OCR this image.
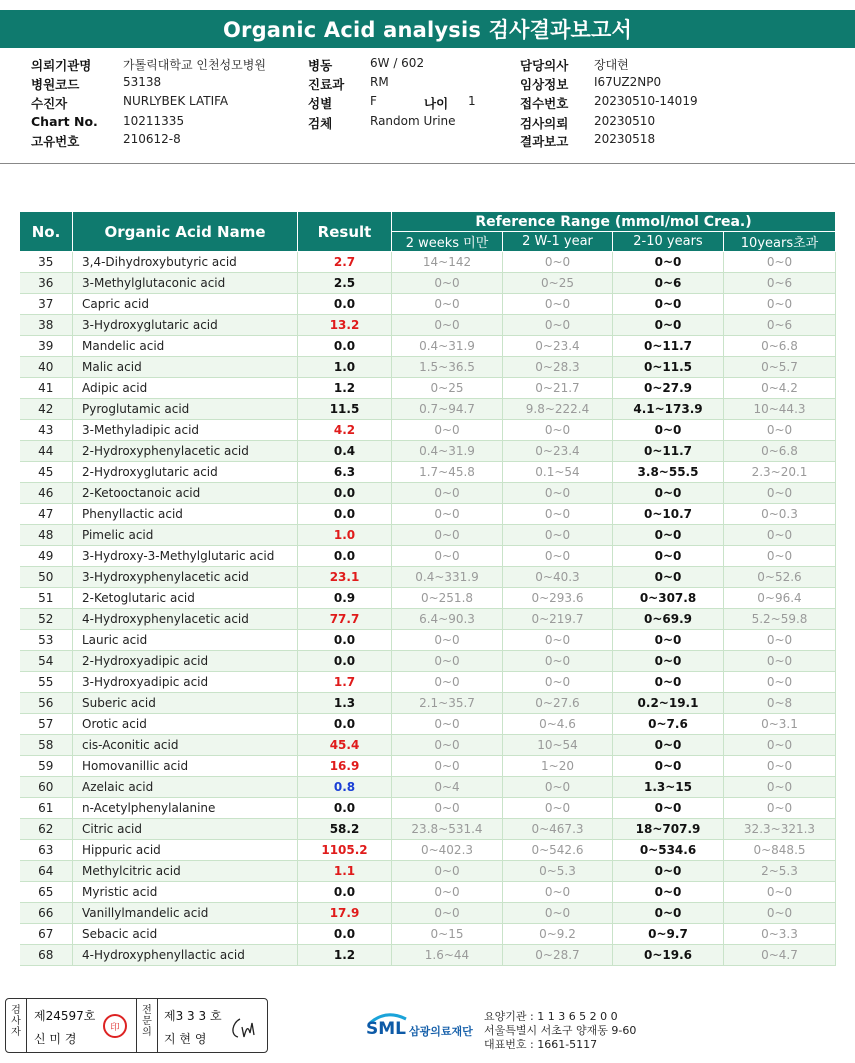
Organic Acid analysis 검사결과보고서
의뢰기관명	가톨릭대학교 인천성모병원	병동	6W / 602	담당의사 장대현
병원코드	53138	진료과 RM	임상정보 I67UZ2NP0
수진자	NURLYBEK LATIFA	성별	F	나이 1	접수번호 20230510-14019
Chart No. 10211335	검체	Random Urine	검사의뢰 20230510
고유번호	210612-8	결과보고 20230518
No.	Organic Acid Name	Result	Reference Range (mmol/mol Crea.)			
			2 weeks 미만	2 W-1 year	2-10 years	10years초과
35	3,4-Dihydroxybutyric acid	2.7	14~142	0~0	0~0	0~0
36	3-Methylglutaconic acid	2.5	0~0	0~25	0~6	0~6
37	Capric acid	0.0	0~0	0~0	0~0	0~0
38	3-Hydroxyglutaric acid	13.2	0~0	0~0	0~0	0~6
39	Mandelic acid	0.0	0.4~31.9	0~23.4	0~11.7	0~6.8
40	Malic acid	1.0	1.5~36.5	0~28.3	0~11.5	0~5.7
41	Adipic acid	1.2	0~25	0~21.7	0~27.9	0~4.2
42	Pyroglutamic acid	11.5	0.7~94.7	9.8~222.4	4.1~173.9	10~44.3
43	3-Methyladipic acid	4.2	0~0	0~0	0~0	0~0
44	2-Hydroxyphenylacetic acid	0.4	0.4~31.9	0~23.4	0~11.7	0~6.8
45	2-Hydroxyglutaric acid	6.3	1.7~45.8	0.1~54	3.8~55.5	2.3~20.1
46	2-Ketooctanoic acid	0.0	0~0	0~0	0~0	0~0
47	Phenyllactic acid	0.0	0~0	0~0	0~10.7	0~0.3
48	Pimelic acid	1.0	0~0	0~0	0~0	0~0
49	3-Hydroxy-3-Methylglutaric acid	0.0	0~0	0~0	0~0	0~0
50	3-Hydroxyphenylacetic acid	23.1	0.4~331.9	0~40.3	0~0	0~52.6
51	2-Ketoglutaric acid	0.9	0~251.8	0~293.6	0~307.8	0~96.4
52	4-Hydroxyphenylacetic acid	77.7	6.4~90.3	0~219.7	0~69.9	5.2~59.8
53	Lauric acid	0.0	0~0	0~0	0~0	0~0
54	2-Hydroxyadipic acid	0.0	0~0	0~0	0~0	0~0
55	3-Hydroxyadipic acid	1.7	0~0	0~0	0~0	0~0
56	Suberic acid	1.3	2.1~35.7	0~27.6	0.2~19.1	0~8
57	Orotic acid	0.0	0~0	0~4.6	0~7.6	0~3.1
58	cis-Aconitic acid	45.4	0~0	10~54	0~0	0~0
59	Homovanillic acid	16.9	0~0	1~20	0~0	0~0
60	Azelaic acid	0.8	0~4	0~0	1.3~15	0~0
61	n-Acetylphenylalanine	0.0	0~0	0~0	0~0	0~0
62	Citric acid	58.2	23.8~531.4	0~467.3	18~707.9	32.3~321.3
63	Hippuric acid	1105.2	0~402.3	0~542.6	0~534.6	0~848.5
64	Methylcitric acid	1.1	0~0	0~5.3	0~0	2~5.3
65	Myristic acid	0.0	0~0	0~0	0~0	0~0
66	Vanillylmandelic acid	17.9	0~0	0~0	0~0	0~0
67	Sebacic acid	0.0	0~15	0~9.2	0~9.7	0~3.3
68	4-Hydroxyphenyllactic acid	1.2	1.6~44	0~28.7	0~19.6	0~4.7
검
사
자
제24597호
신 미 경
印
전
문
의
제3 3 3 호
지 현 영	SML 삼광의료재단
요양기관 : 1 1 3 6 5 2 0 0
서울특별시 서초구 양재동 9-60
대표번호 : 1661-5117
